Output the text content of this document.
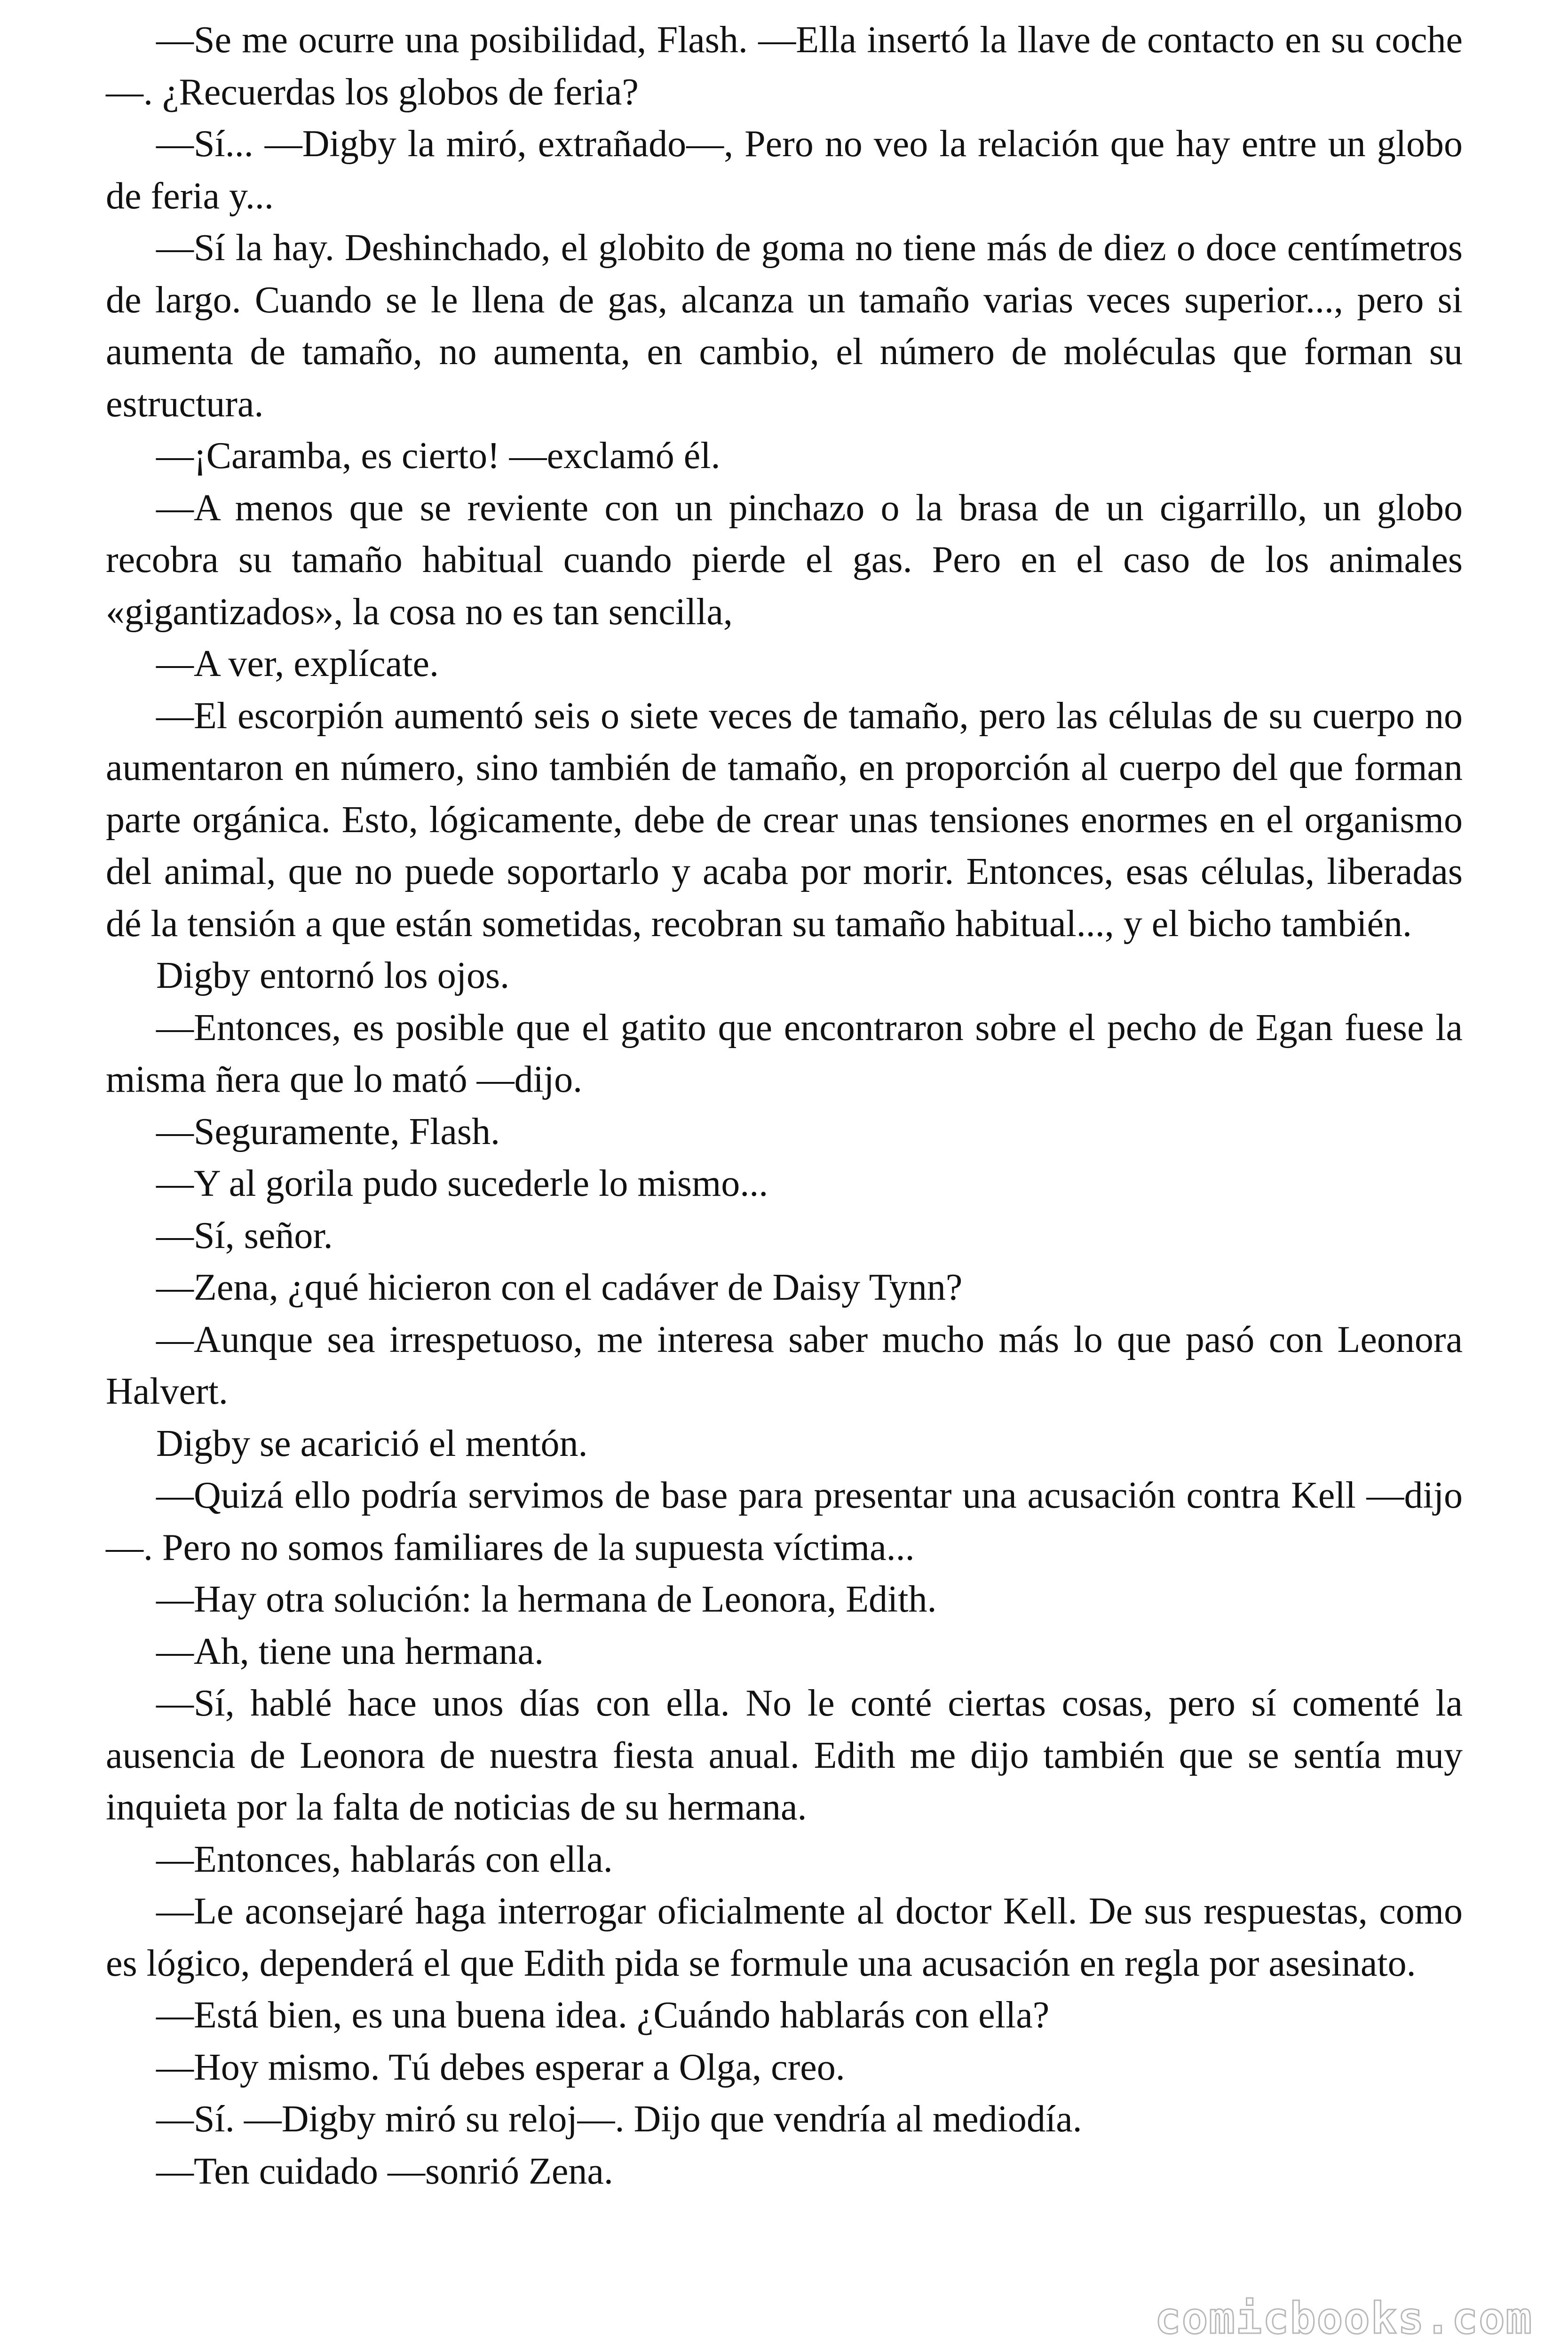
—Se me ocurre una posibilidad, Flash. —Ella insertó la llave de contacto en su coche—. ¿Recuerdas los globos de feria?

—Sí... —Digby la miró, extrañado—, Pero no veo la relación que hay entre un globo de feria y...

—Sí la hay. Deshinchado, el globito de goma no tiene más de diez o doce centímetros de largo. Cuando se le llena de gas, alcanza un tamaño varias veces superior..., pero si aumenta de tamaño, no aumenta, en cambio, el número de moléculas que forman su estructura.

—¡Caramba, es cierto! —exclamó él.

—A menos que se reviente con un pinchazo o la brasa de un cigarrillo, un globo recobra su tamaño habitual cuando pierde el gas. Pero en el caso de los animales «gigantizados», la cosa no es tan sencilla,

—A ver, explícate.

—El escorpión aumentó seis o siete veces de tamaño, pero las células de su cuerpo no aumentaron en número, sino también de tamaño, en proporción al cuerpo del que forman parte orgánica. Esto, lógicamente, debe de crear unas tensiones enormes en el organismo del animal, que no puede soportarlo y acaba por morir. Entonces, esas células, liberadas dé la tensión a que están sometidas, recobran su tamaño habitual..., y el bicho también.

Digby entornó los ojos.

—Entonces, es posible que el gatito que encontraron sobre el pecho de Egan fuese la misma ñera que lo mató —dijo.

—Seguramente, Flash.

—Y al gorila pudo sucederle lo mismo...

—Sí, señor.

—Zena, ¿qué hicieron con el cadáver de Daisy Tynn?

—Aunque sea irrespetuoso, me interesa saber mucho más lo que pasó con Leonora Halvert.

Digby se acarició el mentón.

—Quizá ello podría servimos de base para presentar una acusación contra Kell —dijo—. Pero no somos familiares de la supuesta víctima...

—Hay otra solución: la hermana de Leonora, Edith.

—Ah, tiene una hermana.

—Sí, hablé hace unos días con ella. No le conté ciertas cosas, pero sí comenté la ausencia de Leonora de nuestra fiesta anual. Edith me dijo también que se sentía muy inquieta por la falta de noticias de su hermana.

—Entonces, hablarás con ella.

—Le aconsejaré haga interrogar oficialmente al doctor Kell. De sus respuestas, como es lógico, dependerá el que Edith pida se formule una acusación en regla por asesinato.

—Está bien, es una buena idea. ¿Cuándo hablarás con ella?

—Hoy mismo. Tú debes esperar a Olga, creo.

—Sí. —Digby miró su reloj—. Dijo que vendría al mediodía.

—Ten cuidado —sonrió Zena.

comicbooks.com
